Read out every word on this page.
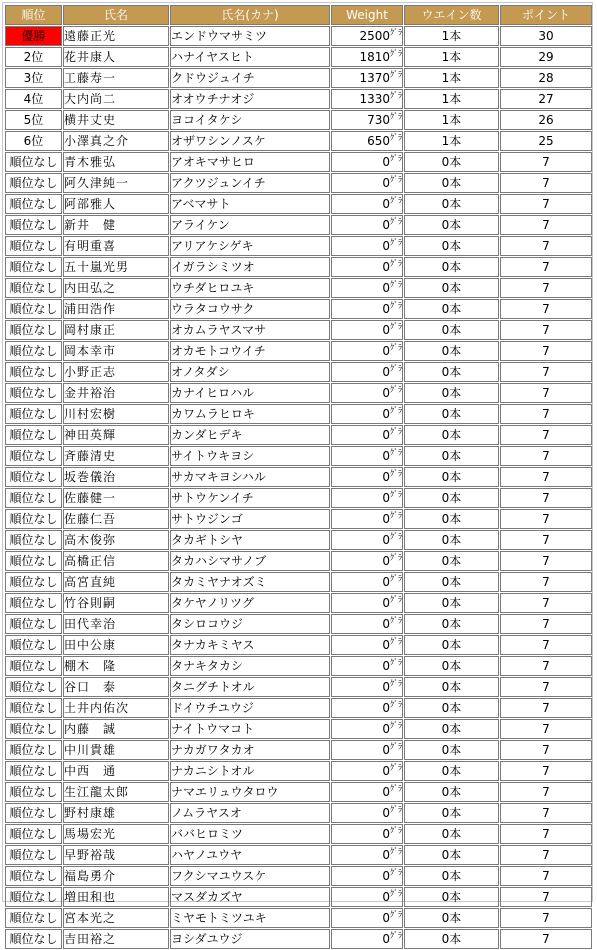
順位	氏名	氏名(カナ)	Weight	ウエイン数	ポイント
優勝	遠藤正光	エンドウマサミツ	$2500^{ｸﾞﾗ}$	1本	30
2位	花井康人	ハナイヤスヒト	$1810^{ｸﾞﾗ}$	1本	29
3位	工藤寿一	クドウジュイチ	$1370^{ｸﾞﾗ}$	1本	28
4位	大内尚二	オオウチナオジ	$1330^{ｸﾞﾗ}$	1本	27
5位	横井丈史	ヨコイタケシ	$730^{ｸﾞﾗ}$	1本	26
6位	小澤真之介	オザワシンノスケ	$650^{ｸﾞﾗ}$	1本	25
順位なし	青木雅弘	アオキマサヒロ	$0^{ｸﾞﾗ}$	0本	7
順位なし	阿久津純一	アクツジュンイチ	$0^{ｸﾞﾗ}$	0本	7
順位なし	阿部雅人	アベマサト	$0^{ｸﾞﾗ}$	0本	7
順位なし	新井　健	アライケン	$0^{ｸﾞﾗ}$	0本	7
順位なし	有明重喜	アリアケシゲキ	$0^{ｸﾞﾗ}$	0本	7
順位なし	五十嵐光男	イガラシミツオ	$0^{ｸﾞﾗ}$	0本	7
順位なし	内田弘之	ウチダヒロユキ	$0^{ｸﾞﾗ}$	0本	7
順位なし	浦田浩作	ウラタコウサク	$0^{ｸﾞﾗ}$	0本	7
順位なし	岡村康正	オカムラヤスマサ	$0^{ｸﾞﾗ}$	0本	7
順位なし	岡本幸市	オカモトコウイチ	$0^{ｸﾞﾗ}$	0本	7
順位なし	小野正志	オノタダシ	$0^{ｸﾞﾗ}$	0本	7
順位なし	金井裕治	カナイヒロハル	$0^{ｸﾞﾗ}$	0本	7
順位なし	川村宏樹	カワムラヒロキ	$0^{ｸﾞﾗ}$	0本	7
順位なし	神田英輝	カンダヒデキ	$0^{ｸﾞﾗ}$	0本	7
順位なし	斉藤清史	サイトウキヨシ	$0^{ｸﾞﾗ}$	0本	7
順位なし	坂巻儀治	サカマキヨシハル	$0^{ｸﾞﾗ}$	0本	7
順位なし	佐藤健一	サトウケンイチ	$0^{ｸﾞﾗ}$	0本	7
順位なし	佐藤仁吾	サトウジンゴ	$0^{ｸﾞﾗ}$	0本	7
順位なし	高木俊弥	タカギトシヤ	$0^{ｸﾞﾗ}$	0本	7
順位なし	高橋正信	タカハシマサノブ	$0^{ｸﾞﾗ}$	0本	7
順位なし	高宮直純	タカミヤナオズミ	$0^{ｸﾞﾗ}$	0本	7
順位なし	竹谷則嗣	タケヤノリツグ	$0^{ｸﾞﾗ}$	0本	7
順位なし	田代幸治	タシロコウジ	$0^{ｸﾞﾗ}$	0本	7
順位なし	田中公康	タナカキミヤス	$0^{ｸﾞﾗ}$	0本	7
順位なし	棚木　隆	タナキタカシ	$0^{ｸﾞﾗ}$	0本	7
順位なし	谷口　泰	タニグチトオル	$0^{ｸﾞﾗ}$	0本	7
順位なし	土井内佑次	ドイウチユウジ	$0^{ｸﾞﾗ}$	0本	7
順位なし	内藤　誠	ナイトウマコト	$0^{ｸﾞﾗ}$	0本	7
順位なし	中川貴雄	ナカガワタカオ	$0^{ｸﾞﾗ}$	0本	7
順位なし	中西　通	ナカニシトオル	$0^{ｸﾞﾗ}$	0本	7
順位なし	生江龍太郎	ナマエリュウタロウ	$0^{ｸﾞﾗ}$	0本	7
順位なし	野村康雄	ノムラヤスオ	$0^{ｸﾞﾗ}$	0本	7
順位なし	馬場宏光	ババヒロミツ	$0^{ｸﾞﾗ}$	0本	7
順位なし	早野裕哉	ハヤノユウヤ	$0^{ｸﾞﾗ}$	0本	7
順位なし	福島勇介	フクシマユウスケ	$0^{ｸﾞﾗ}$	0本	7
順位なし	増田和也	マスダカズヤ	$0^{ｸﾞﾗ}$	0本	7
順位なし	宮本光之	ミヤモトミツユキ	$0^{ｸﾞﾗ}$	0本	7
順位なし	吉田裕之	ヨシダユウジ	$0^{ｸﾞﾗ}$	0本	7
